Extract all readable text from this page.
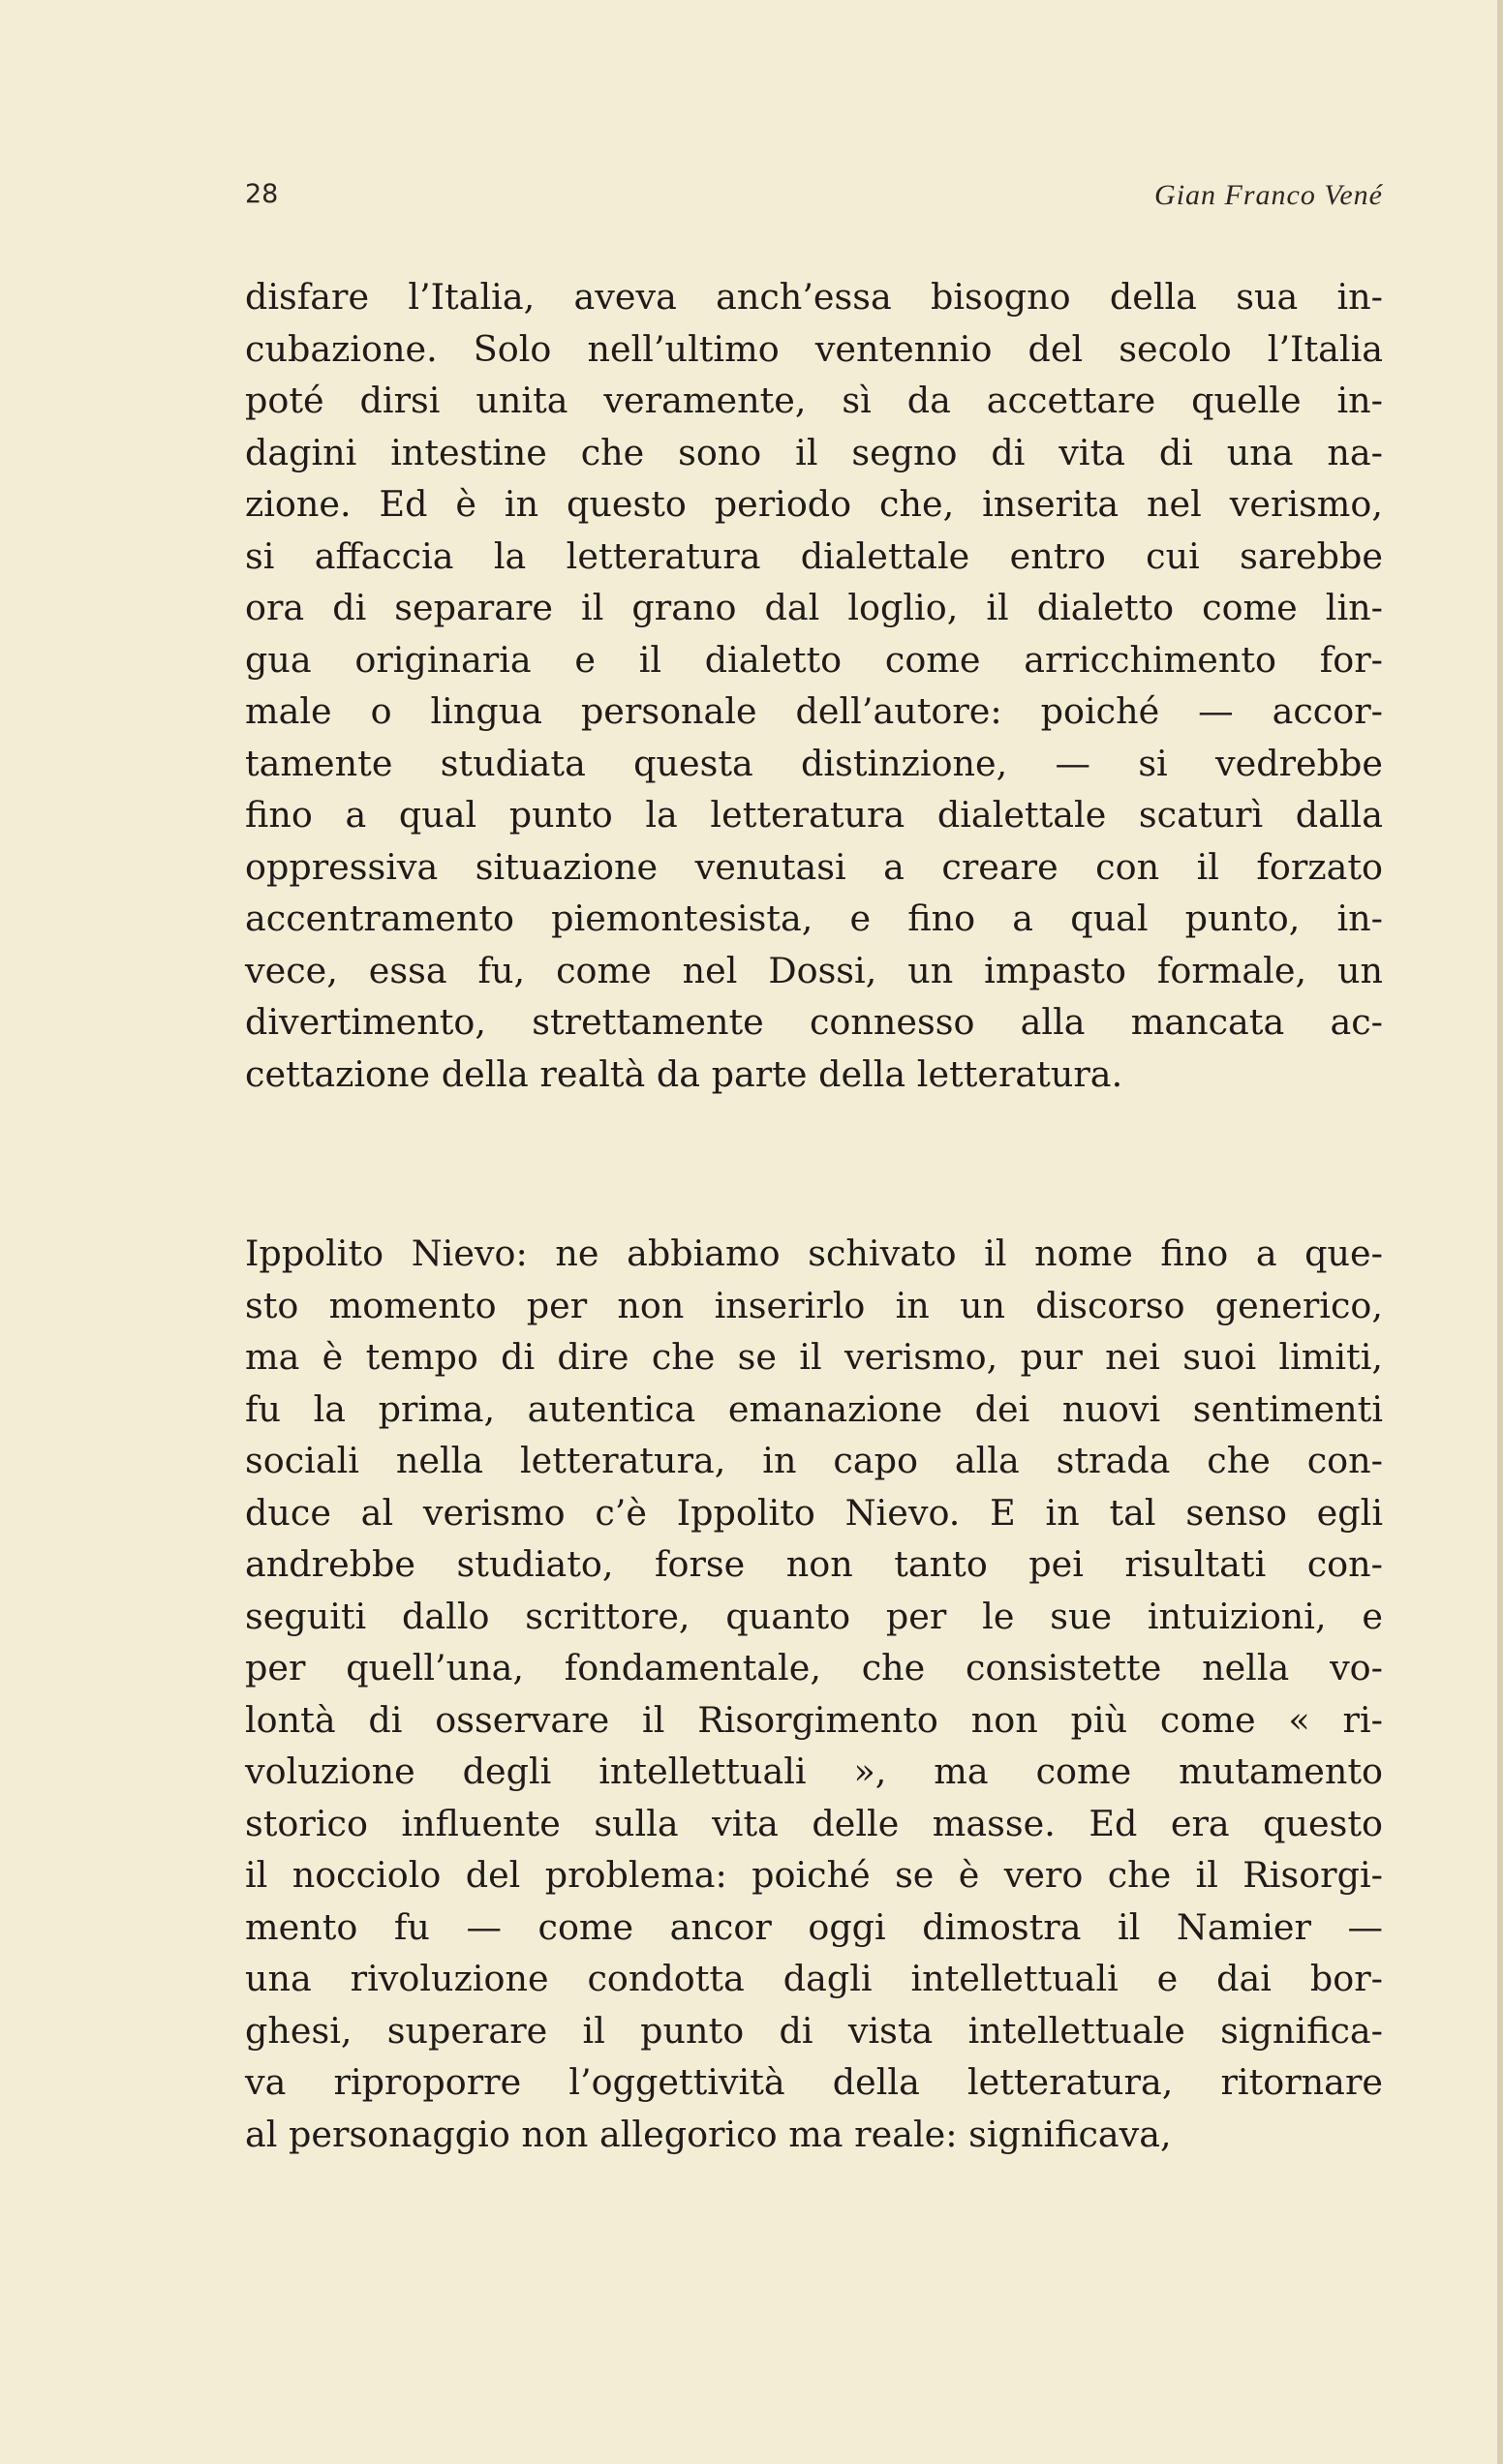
28	Gian Franco Vené
disfare l’Italia, aveva anch’essa bisogno della sua in-
cubazione. Solo nell’ultimo ventennio del secolo l’Italia
poté dirsi unita veramente, sì da accettare quelle in-
dagini intestine che sono il segno di vita di una na-
zione. Ed è in questo periodo che, inserita nel verismo,
si affaccia la letteratura dialettale entro cui sarebbe
ora di separare il grano dal loglio, il dialetto come lin-
gua originaria e il dialetto come arricchimento for-
male o lingua personale dell’autore: poiché — accor-
tamente studiata questa distinzione, — si vedrebbe
fino a qual punto la letteratura dialettale scaturì dalla
oppressiva situazione venutasi a creare con il forzato
accentramento piemontesista, e fino a qual punto, in-
vece, essa fu, come nel Dossi, un impasto formale, un
divertimento, strettamente connesso alla mancata ac-
cettazione della realtà da parte della letteratura.
Ippolito Nievo: ne abbiamo schivato il nome fino a que-
sto momento per non inserirlo in un discorso generico,
ma è tempo di dire che se il verismo, pur nei suoi limiti,
fu la prima, autentica emanazione dei nuovi sentimenti
sociali nella letteratura, in capo alla strada che con-
duce al verismo c’è Ippolito Nievo. E in tal senso egli
andrebbe studiato, forse non tanto pei risultati con-
seguiti dallo scrittore, quanto per le sue intuizioni, e
per quell’una, fondamentale, che consistette nella vo-
lontà di osservare il Risorgimento non più come « ri-
voluzione degli intellettuali », ma come mutamento
storico influente sulla vita delle masse. Ed era questo
il nocciolo del problema: poiché se è vero che il Risorgi-
mento fu — come ancor oggi dimostra il Namier —
una rivoluzione condotta dagli intellettuali e dai bor-
ghesi, superare il punto di vista intellettuale significa-
va riproporre l’oggettività della letteratura, ritornare
al personaggio non allegorico ma reale: significava,
